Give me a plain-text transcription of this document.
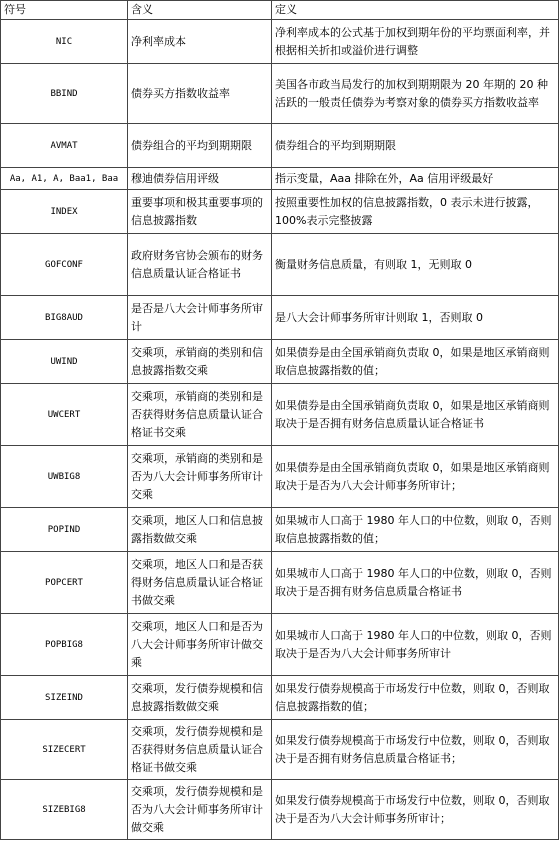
符号	含义	定义
NIC	净利率成本	净利率成本的公式基于加权到期年份的平均票面利率，并根据相关折扣或溢价进行调整
BBIND	债券买方指数收益率	美国各市政当局发行的加权到期期限为 20 年期的 20 种活跃的一般责任债券为考察对象的债券买方指数收益率
AVMAT	债券组合的平均到期期限	债券组合的平均到期期限
Aa, A1, A, Baa1, Baa	穆迪债券信用评级	指示变量，Aaa 排除在外，Aa 信用评级最好
INDEX	重要事项和极其重要事项的信息披露指数	按照重要性加权的信息披露指数，0 表示未进行披露，100%表示完整披露
GOFCONF	政府财务官协会颁布的财务信息质量认证合格证书	衡量财务信息质量，有则取 1，无则取 0
BIG8AUD	是否是八大会计师事务所审计	是八大会计师事务所审计则取 1，否则取 0
UWIND	交乘项，承销商的类别和信息披露指数交乘	如果债券是由全国承销商负责取 0，如果是地区承销商则取信息披露指数的值；
UWCERT	交乘项，承销商的类别和是否获得财务信息质量认证合格证书交乘	如果债券是由全国承销商负责取 0，如果是地区承销商则取决于是否拥有财务信息质量认证合格证书
UWBIG8	交乘项，承销商的类别和是否为八大会计师事务所审计交乘	如果债券是由全国承销商负责取 0，如果是地区承销商则取决于是否为八大会计师事务所审计；
POPIND	交乘项，地区人口和信息披露指数做交乘	如果城市人口高于 1980 年人口的中位数，则取 0，否则取信息披露指数的值；
POPCERT	交乘项，地区人口和是否获得财务信息质量认证合格证书做交乘	如果城市人口高于 1980 年人口的中位数，则取 0，否则取决于是否拥有财务信息质量合格证书
POPBIG8	交乘项，地区人口和是否为八大会计师事务所审计做交乘	如果城市人口高于 1980 年人口的中位数，则取 0，否则取决于是否为八大会计师事务所审计
SIZEIND	交乘项，发行债券规模和信息披露指数做交乘	如果发行债券规模高于市场发行中位数，则取 0，否则取信息披露指数的值；
SIZECERT	交乘项，发行债券规模和是否获得财务信息质量认证合格证书做交乘	如果发行债券规模高于市场发行中位数，则取 0，否则取决于是否拥有财务信息质量合格证书；
SIZEBIG8	交乘项，发行债券规模和是否为八大会计师事务所审计做交乘	如果发行债券规模高于市场发行中位数，则取 0，否则取决于是否为八大会计师事务所审计；
